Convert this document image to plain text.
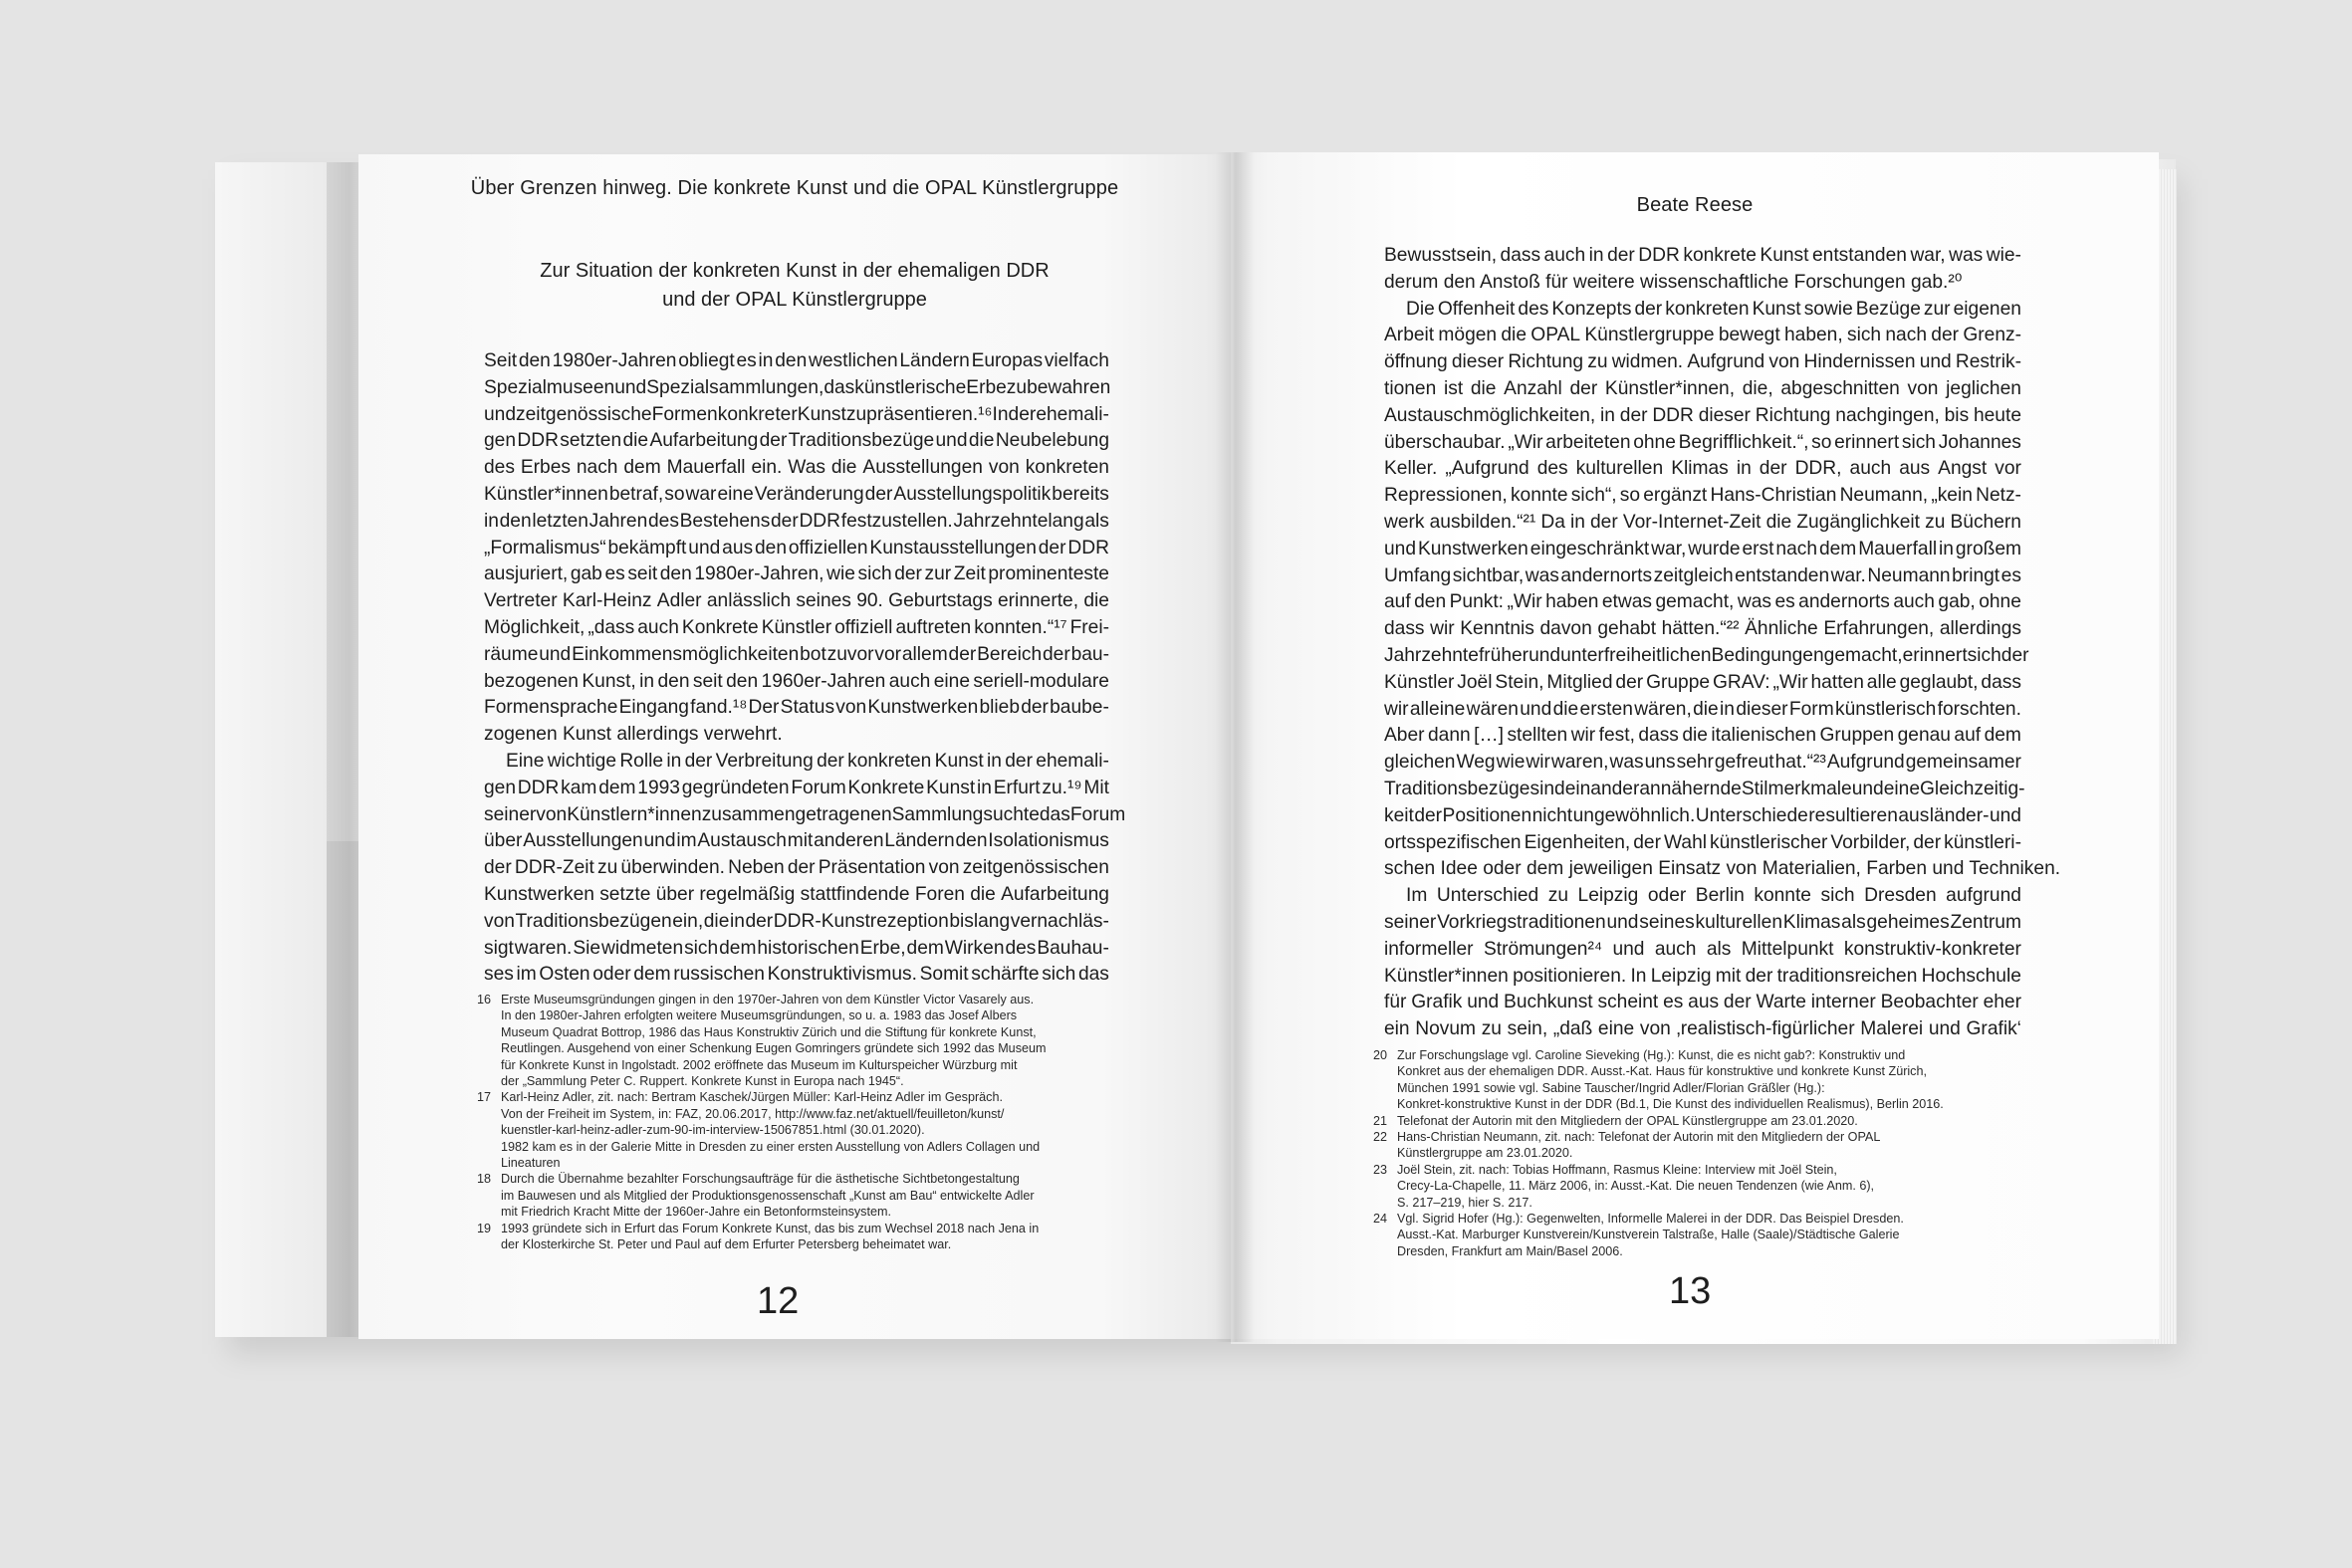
Über Grenzen hinweg. Die konkrete Kunst und die OPAL Künstlergruppe
Beate Reese
Zur Situation der konkreten Kunst in der ehemaligen DDR
und der OPAL Künstlergruppe
Seit den 1980er-Jahren obliegt es in den westlichen Ländern Europas vielfach
Spezialmuseen und Spezialsammlungen, das künstlerische Erbe zu bewahren
und zeitgenössische Formen konkreter Kunst zu präsentieren.¹⁶ In der ehemali-
gen DDR setzten die Aufarbeitung der Traditionsbezüge und die Neubelebung
des Erbes nach dem Mauerfall ein. Was die Ausstellungen von konkreten
Künstler*innen betraf, so war eine Veränderung der Ausstellungspolitik bereits
in den letzten Jahren des Bestehens der DDR festzustellen. Jahrzehntelang als
„Formalismus“ bekämpft und aus den offiziellen Kunstausstellungen der DDR
ausjuriert, gab es seit den 1980er-Jahren, wie sich der zur Zeit prominenteste
Vertreter Karl-Heinz Adler anlässlich seines 90. Geburtstags erinnerte, die
Möglichkeit, „dass auch Konkrete Künstler offiziell auftreten konnten.“¹⁷ Frei-
räume und Einkommensmöglichkeiten bot zuvor vor allem der Bereich der bau-
bezogenen Kunst, in den seit den 1960er-Jahren auch eine seriell-modulare
Formensprache Eingang fand.¹⁸ Der Status von Kunstwerken blieb der baube-
zogenen Kunst allerdings verwehrt.
Eine wichtige Rolle in der Verbreitung der konkreten Kunst in der ehemali-
gen DDR kam dem 1993 gegründeten Forum Konkrete Kunst in Erfurt zu.¹⁹ Mit
seiner von Künstlern*innen zusammengetragenen Sammlung suchte das Forum
über Ausstellungen und im Austausch mit anderen Ländern den Isolationismus
der DDR-Zeit zu überwinden. Neben der Präsentation von zeitgenössischen
Kunstwerken setzte über regelmäßig stattfindende Foren die Aufarbeitung
von Traditionsbezügen ein, die in der DDR-Kunstrezeption bislang vernachläs-
sigt waren. Sie widmeten sich dem historischen Erbe, dem Wirken des Bauhau-
ses im Osten oder dem russischen Konstruktivismus. Somit schärfte sich das
Bewusstsein, dass auch in der DDR konkrete Kunst entstanden war, was wie-
derum den Anstoß für weitere wissenschaftliche Forschungen gab.²⁰
Die Offenheit des Konzepts der konkreten Kunst sowie Bezüge zur eigenen
Arbeit mögen die OPAL Künstlergruppe bewegt haben, sich nach der Grenz-
öffnung dieser Richtung zu widmen. Aufgrund von Hindernissen und Restrik-
tionen ist die Anzahl der Künstler*innen, die, abgeschnitten von jeglichen
Austauschmöglichkeiten, in der DDR dieser Richtung nachgingen, bis heute
überschaubar. „Wir arbeiteten ohne Begrifflichkeit.“, so erinnert sich Johannes
Keller. „Aufgrund des kulturellen Klimas in der DDR, auch aus Angst vor
Repressionen, konnte sich“, so ergänzt Hans-Christian Neumann, „kein Netz-
werk ausbilden.“²¹ Da in der Vor-Internet-Zeit die Zugänglichkeit zu Büchern
und Kunstwerken eingeschränkt war, wurde erst nach dem Mauerfall in großem
Umfang sichtbar, was andernorts zeitgleich entstanden war. Neumann bringt es
auf den Punkt: „Wir haben etwas gemacht, was es andernorts auch gab, ohne
dass wir Kenntnis davon gehabt hätten.“²² Ähnliche Erfahrungen, allerdings
Jahrzehnte früher und unter freiheitlichen Bedingungen gemacht, erinnert sich der
Künstler Joël Stein, Mitglied der Gruppe GRAV: „Wir hatten alle geglaubt, dass
wir alleine wären und die ersten wären, die in dieser Form künstlerisch forschten.
Aber dann […] stellten wir fest, dass die italienischen Gruppen genau auf dem
gleichen Weg wie wir waren, was uns sehr gefreut hat.“²³ Aufgrund gemeinsamer
Traditionsbezüge sind einander annähernde Stilmerkmale und eine Gleichzeitig-
keit der Positionen nicht ungewöhnlich. Unterschiede resultieren aus länder- und
ortsspezifischen Eigenheiten, der Wahl künstlerischer Vorbilder, der künstleri-
schen Idee oder dem jeweiligen Einsatz von Materialien, Farben und Techniken.
Im Unterschied zu Leipzig oder Berlin konnte sich Dresden aufgrund
seiner Vorkriegstraditionen und seines kulturellen Klimas als geheimes Zentrum
informeller Strömungen²⁴ und auch als Mittelpunkt konstruktiv-konkreter
Künstler*innen positionieren. In Leipzig mit der traditionsreichen Hochschule
für Grafik und Buchkunst scheint es aus der Warte interner Beobachter eher
ein Novum zu sein, „daß eine von ‚realistisch-figürlicher Malerei und Grafik‘
16 Erste Museumsgründungen gingen in den 1970er-Jahren von dem Künstler Victor Vasarely aus.
In den 1980er-Jahren erfolgten weitere Museumsgründungen, so u. a. 1983 das Josef Albers
Museum Quadrat Bottrop, 1986 das Haus Konstruktiv Zürich und die Stiftung für konkrete Kunst,
Reutlingen. Ausgehend von einer Schenkung Eugen Gomringers gründete sich 1992 das Museum
für Konkrete Kunst in Ingolstadt. 2002 eröffnete das Museum im Kulturspeicher Würzburg mit
der „Sammlung Peter C. Ruppert. Konkrete Kunst in Europa nach 1945“.
17 Karl-Heinz Adler, zit. nach: Bertram Kaschek/Jürgen Müller: Karl-Heinz Adler im Gespräch.
Von der Freiheit im System, in: FAZ, 20.06.2017, http://www.faz.net/aktuell/feuilleton/kunst/
kuenstler-karl-heinz-adler-zum-90-im-interview-15067851.html (30.01.2020).
1982 kam es in der Galerie Mitte in Dresden zu einer ersten Ausstellung von Adlers Collagen und
Lineaturen
18 Durch die Übernahme bezahlter Forschungsaufträge für die ästhetische Sichtbetongestaltung
im Bauwesen und als Mitglied der Produktionsgenossenschaft „Kunst am Bau“ entwickelte Adler
mit Friedrich Kracht Mitte der 1960er-Jahre ein Betonformsteinsystem.
19 1993 gründete sich in Erfurt das Forum Konkrete Kunst, das bis zum Wechsel 2018 nach Jena in
der Klosterkirche St. Peter und Paul auf dem Erfurter Petersberg beheimatet war.
20 Zur Forschungslage vgl. Caroline Sieveking (Hg.): Kunst, die es nicht gab?: Konstruktiv und
Konkret aus der ehemaligen DDR. Ausst.-Kat. Haus für konstruktive und konkrete Kunst Zürich,
München 1991 sowie vgl. Sabine Tauscher/Ingrid Adler/Florian Gräßler (Hg.):
Konkret-konstruktive Kunst in der DDR (Bd.1, Die Kunst des individuellen Realismus), Berlin 2016.
21 Telefonat der Autorin mit den Mitgliedern der OPAL Künstlergruppe am 23.01.2020.
22 Hans-Christian Neumann, zit. nach: Telefonat der Autorin mit den Mitgliedern der OPAL
Künstlergruppe am 23.01.2020.
23 Joël Stein, zit. nach: Tobias Hoffmann, Rasmus Kleine: Interview mit Joël Stein,
Crecy-La-Chapelle, 11. März 2006, in: Ausst.-Kat. Die neuen Tendenzen (wie Anm. 6),
S. 217–219, hier S. 217.
24 Vgl. Sigrid Hofer (Hg.): Gegenwelten, Informelle Malerei in der DDR. Das Beispiel Dresden.
Ausst.-Kat. Marburger Kunstverein/Kunstverein Talstraße, Halle (Saale)/Städtische Galerie
Dresden, Frankfurt am Main/Basel 2006.
12	13
